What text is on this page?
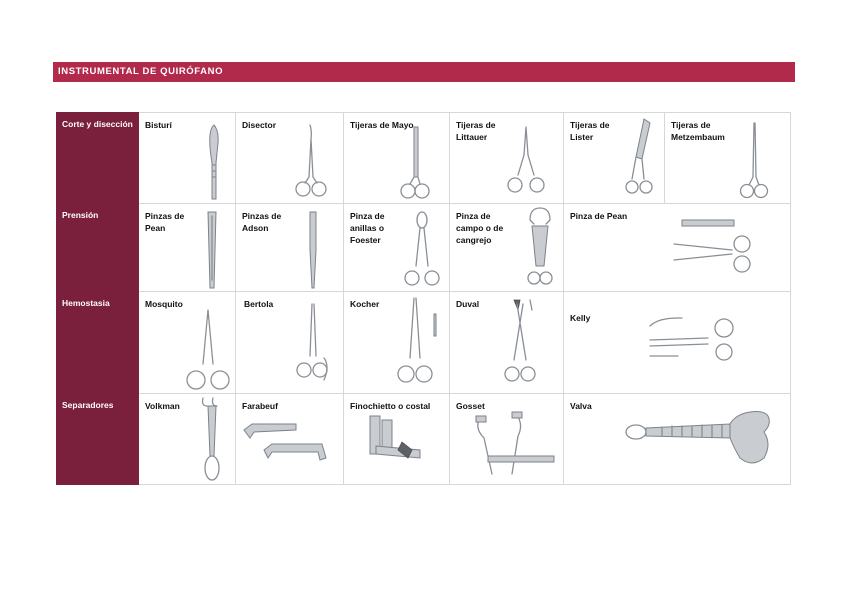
INSTRUMENTAL DE QUIRÓFANO
Corte y disección	Bisturí	Disector	Tijeras de Mayo	Tijeras de Littauer	Tijeras de Lister	Tijeras de Metzembaum

Prensión	Pinzas de Pean	Pinzas de Adson	Pinza de anillas o Foester	Pinza de campo o de cangrejo	Pinza de Pean	

Hemostasia	Mosquito	Bertola	Kocher	Duval	Kelly	

Separadores	Volkman	Farabeuf	Finochietto o costal	Gosset	Valva	
